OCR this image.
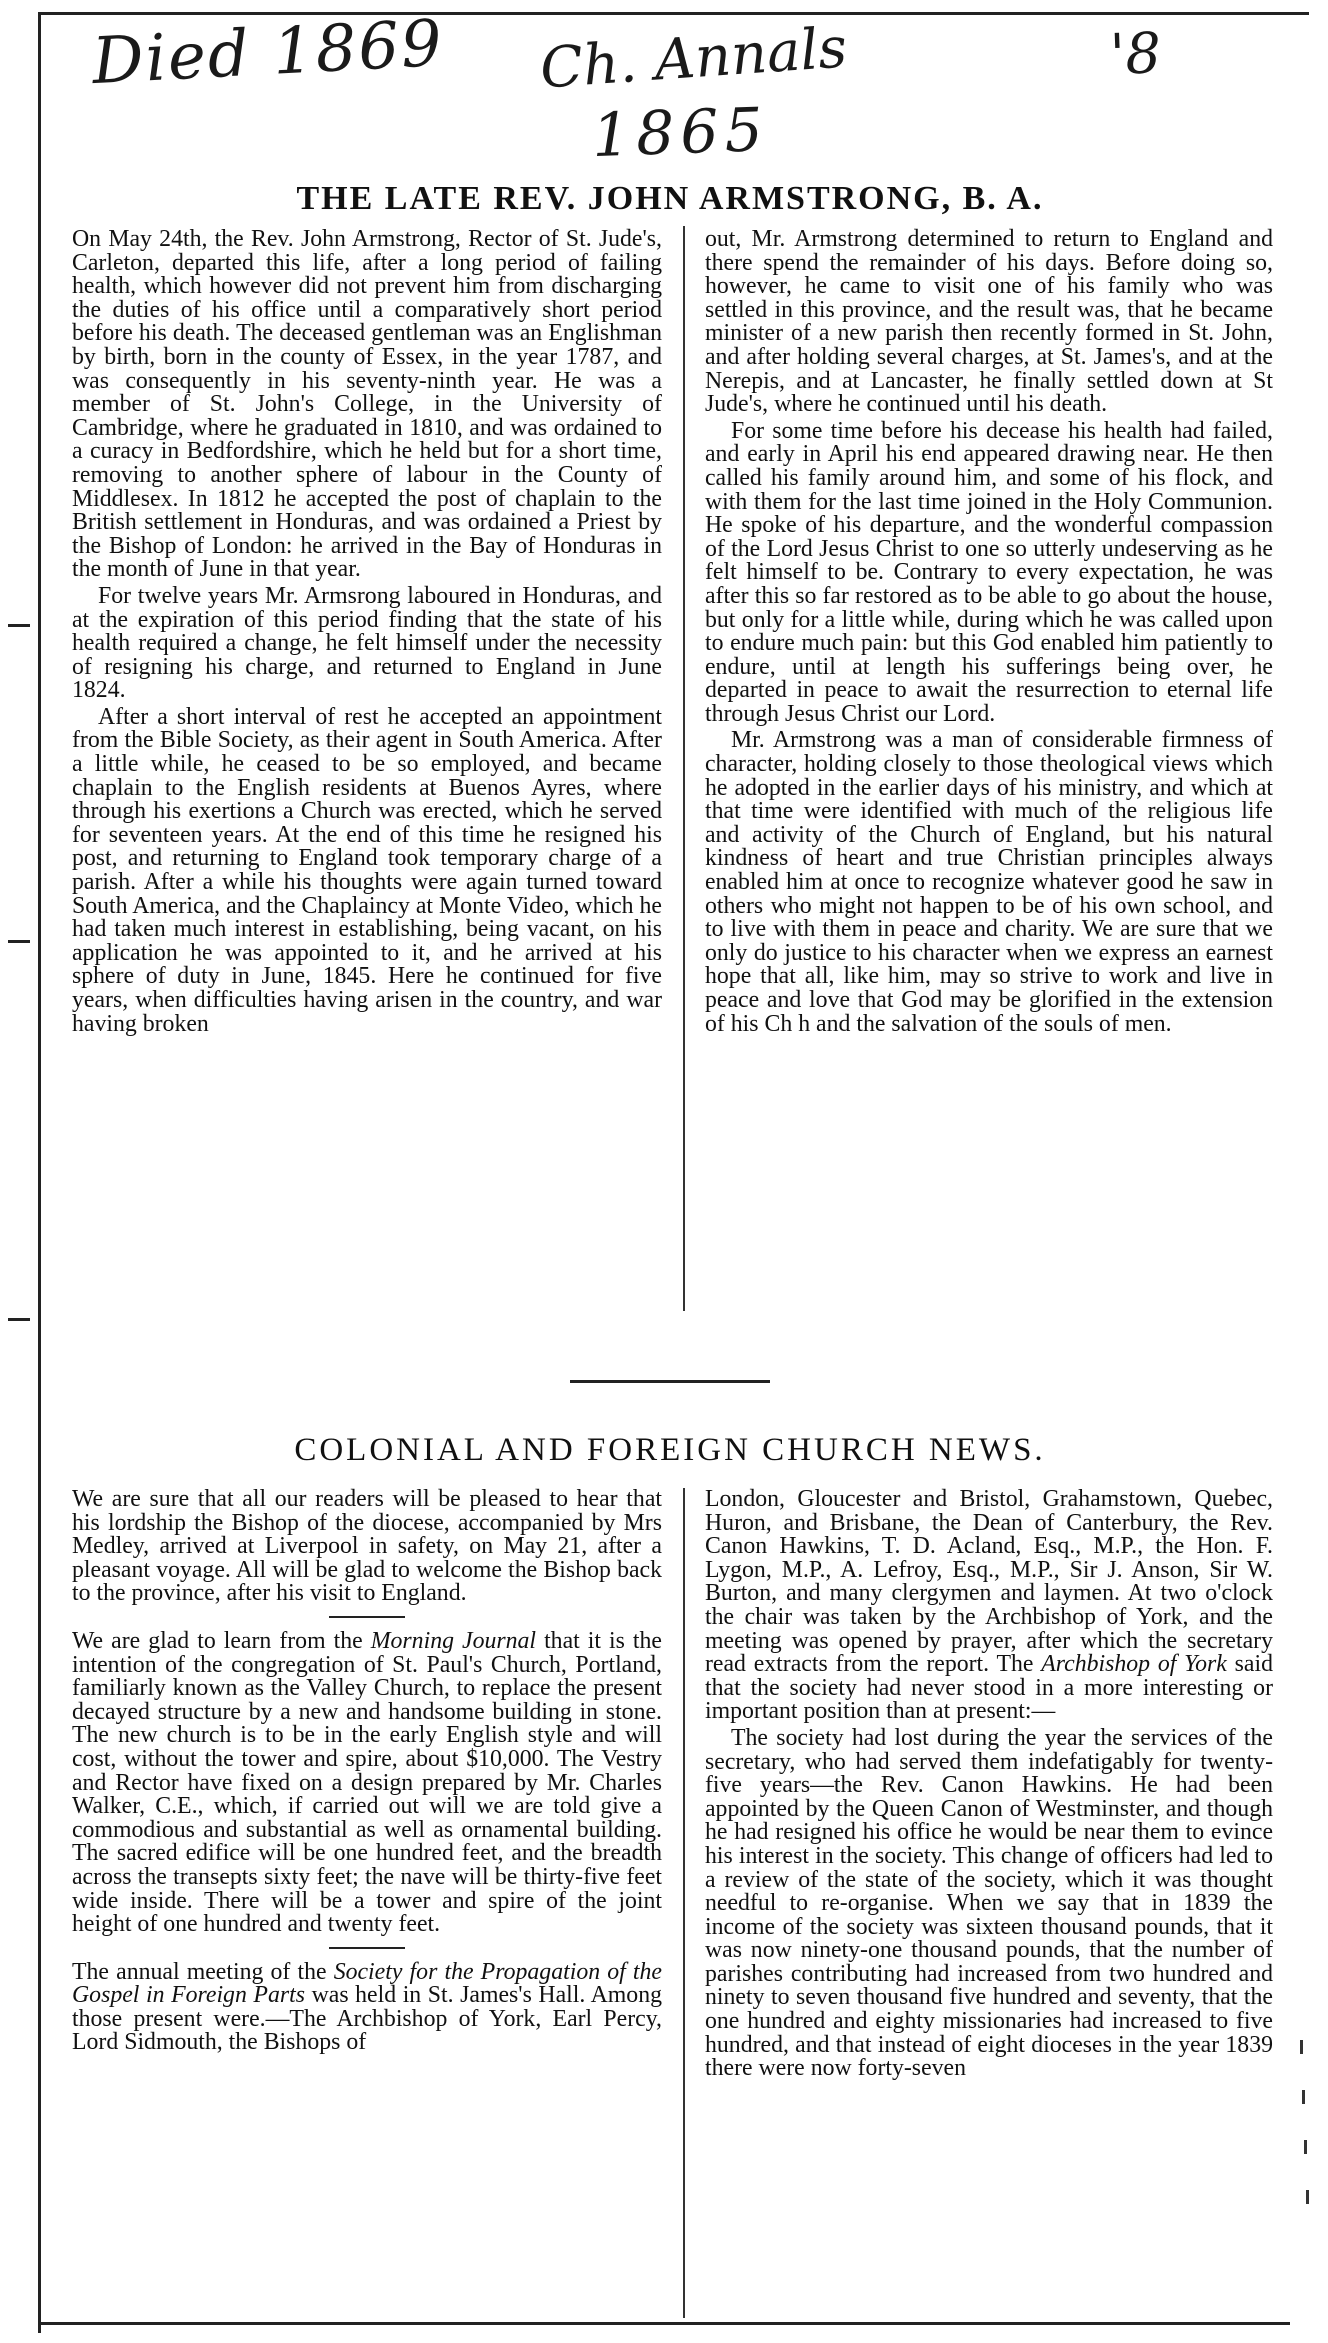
Died 1869 Ch. Annals
1865
'8
THE LATE REV. JOHN ARMSTRONG, B. A.

On May 24th, the Rev. John Armstrong, Rector of St. Jude's, Carleton, departed this life, after a long period of failing health, which however did not prevent him from discharging the duties of his office until a comparatively short period before his death. The deceased gentleman was an Englishman by birth, born in the county of Essex, in the year 1787, and was consequently in his seventy-ninth year. He was a member of St. John's College, in the University of Cambridge, where he graduated in 1810, and was ordained to a curacy in Bedfordshire, which he held but for a short time, removing to another sphere of labour in the County of Middlesex. In 1812 he accepted the post of chaplain to the British settlement in Honduras, and was ordained a Priest by the Bishop of London: he arrived in the Bay of Honduras in the month of June in that year.

For twelve years Mr. Armsrong laboured in Honduras, and at the expiration of this period finding that the state of his health required a change, he felt himself under the necessity of resigning his charge, and returned to England in June 1824.

After a short interval of rest he accepted an appointment from the Bible Society, as their agent in South America. After a little while, he ceased to be so employed, and became chaplain to the English residents at Buenos Ayres, where through his exertions a Church was erected, which he served for seventeen years. At the end of this time he resigned his post, and returning to England took temporary charge of a parish. After a while his thoughts were again turned toward South America, and the Chaplaincy at Monte Video, which he had taken much interest in establishing, being vacant, on his application he was appointed to it, and he arrived at his sphere of duty in June, 1845. Here he continued for five years, when difficulties having arisen in the country, and war having broken

out, Mr. Armstrong determined to return to England and there spend the remainder of his days. Before doing so, however, he came to visit one of his family who was settled in this province, and the result was, that he became minister of a new parish then recently formed in St. John, and after holding several charges, at St. James's, and at the Nerepis, and at Lancaster, he finally settled down at St Jude's, where he continued until his death.

For some time before his decease his health had failed, and early in April his end appeared drawing near. He then called his family around him, and some of his flock, and with them for the last time joined in the Holy Communion. He spoke of his departure, and the wonderful compassion of the Lord Jesus Christ to one so utterly undeserving as he felt himself to be. Contrary to every expectation, he was after this so far restored as to be able to go about the house, but only for a little while, during which he was called upon to endure much pain: but this God enabled him patiently to endure, until at length his sufferings being over, he departed in peace to await the resurrection to eternal life through Jesus Christ our Lord.

Mr. Armstrong was a man of considerable firmness of character, holding closely to those theological views which he adopted in the earlier days of his ministry, and which at that time were identified with much of the religious life and activity of the Church of England, but his natural kindness of heart and true Christian principles always enabled him at once to recognize whatever good he saw in others who might not happen to be of his own school, and to live with them in peace and charity. We are sure that we only do justice to his character when we express an earnest hope that all, like him, may so strive to work and live in peace and love that God may be glorified in the extension of his Ch h and the salvation of the souls of men.

COLONIAL AND FOREIGN CHURCH NEWS.

We are sure that all our readers will be pleased to hear that his lordship the Bishop of the diocese, accompanied by Mrs Medley, arrived at Liverpool in safety, on May 21, after a pleasant voyage. All will be glad to welcome the Bishop back to the province, after his visit to England.

We are glad to learn from the Morning Journal that it is the intention of the congregation of St. Paul's Church, Portland, familiarly known as the Valley Church, to replace the present decayed structure by a new and handsome building in stone. The new church is to be in the early English style and will cost, without the tower and spire, about $10,000. The Vestry and Rector have fixed on a design prepared by Mr. Charles Walker, C.E., which, if carried out will we are told give a commodious and substantial as well as ornamental building. The sacred edifice will be one hundred feet, and the breadth across the transepts sixty feet; the nave will be thirty-five feet wide inside. There will be a tower and spire of the joint height of one hundred and twenty feet.

The annual meeting of the Society for the Propagation of the Gospel in Foreign Parts was held in St. James's Hall. Among those present were.—The Archbishop of York, Earl Percy, Lord Sidmouth, the Bishops of

London, Gloucester and Bristol, Grahamstown, Quebec, Huron, and Brisbane, the Dean of Canterbury, the Rev. Canon Hawkins, T. D. Acland, Esq., M.P., the Hon. F. Lygon, M.P., A. Lefroy, Esq., M.P., Sir J. Anson, Sir W. Burton, and many clergymen and laymen. At two o'clock the chair was taken by the Archbishop of York, and the meeting was opened by prayer, after which the secretary read extracts from the report. The Archbishop of York said that the society had never stood in a more interesting or important position than at present:—

The society had lost during the year the services of the secretary, who had served them indefatigably for twenty-five years—the Rev. Canon Hawkins. He had been appointed by the Queen Canon of Westminster, and though he had resigned his office he would be near them to evince his interest in the society. This change of officers had led to a review of the state of the society, which it was thought needful to re-organise. When we say that in 1839 the income of the society was sixteen thousand pounds, that it was now ninety-one thousand pounds, that the number of parishes contributing had increased from two hundred and ninety to seven thousand five hundred and seventy, that the one hundred and eighty missionaries had increased to five hundred, and that instead of eight dioceses in the year 1839 there were now forty-seven
